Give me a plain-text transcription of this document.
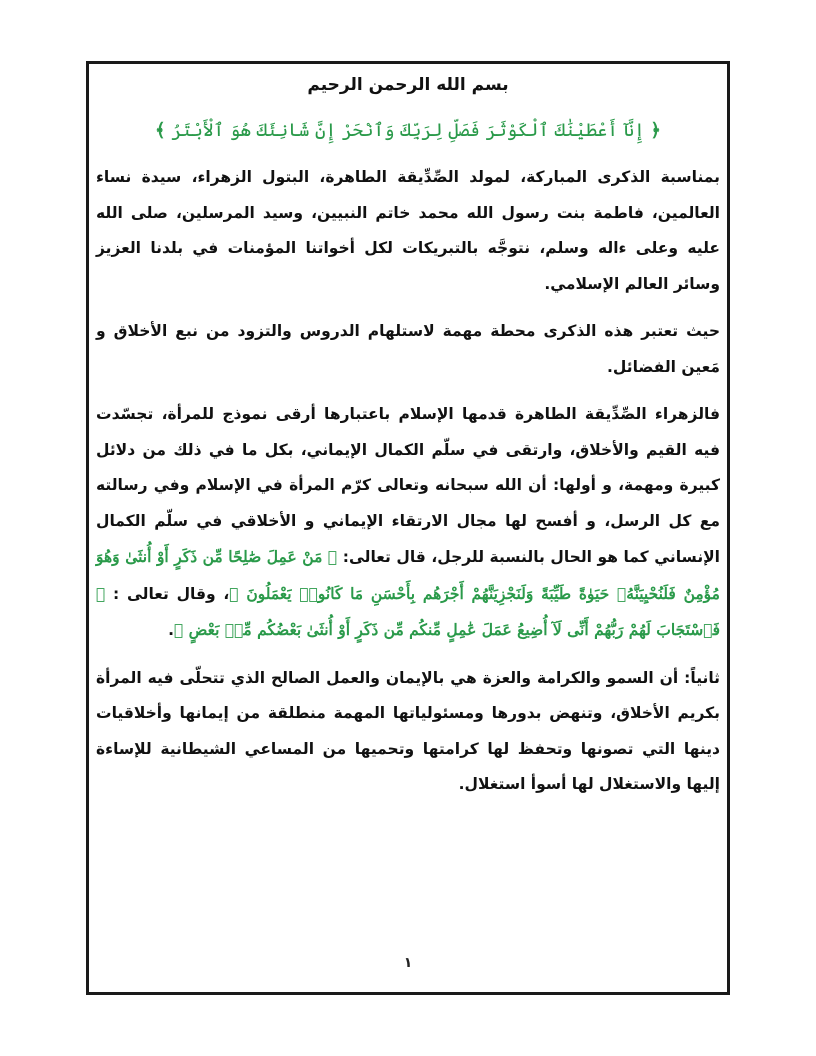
بسم الله الرحمن الرحيم
﴿ إِنَّآ أَعْطَيْنَٰكَ ٱلْكَوْثَرَ فَصَلِّ لِرَبِّكَ وَٱنْحَرْ إِنَّ شَانِئَكَ هُوَ ٱلْأَبْتَرُ ﴾

بمناسبة الذكرى المباركة، لمولد الصِّدِّيقة الطاهرة، البتول الزهراء، سيدة نساء العالمين، فاطمة بنت رسول الله محمد خاتم النبيين، وسيد المرسلين، صلى الله عليه وعلى ءاله وسلم، نتوجَّه بالتبريكات لكل أخواتنا المؤمنات في بلدنا العزيز وسائر العالم الإسلامي.

حيث تعتبر هذه الذكرى محطة مهمة لاستلهام الدروس والتزود من نبع الأخلاق و مَعين الفضائل.

فالزهراء الصِّدِّيقة الطاهرة قدمها الإسلام باعتبارها أرقى نموذج للمرأة، تجسّدت فيه القيم والأخلاق، وارتقى في سلّم الكمال الإيماني، بكل ما في ذلك من دلائل كبيرة ومهمة، و أولها: أن الله سبحانه وتعالى كرّم المرأة في الإسلام وفي رسالته مع كل الرسل، و أفسح لها مجال الارتقاء الإيماني و الأخلاقي في سلّم الكمال الإنساني كما هو الحال بالنسبة للرجل، قال تعالى: ﴿ مَنْ عَمِلَ صَٰلِحًا مِّن ذَكَرٍ أَوْ أُنثَىٰ وَهُوَ مُؤْمِنٌ فَلَنُحْيِيَنَّهُۥ حَيَوٰةً طَيِّبَةً وَلَنَجْزِيَنَّهُمْ أَجْرَهُم بِأَحْسَنِ مَا كَانُوا۟ يَعْمَلُونَ ﴾، وقال تعالى : ﴿ فَٱسْتَجَابَ لَهُمْ رَبُّهُمْ أَنِّى لَآ أُضِيعُ عَمَلَ عَٰمِلٍ مِّنكُم مِّن ذَكَرٍ أَوْ أُنثَىٰ بَعْضُكُم مِّنۢ بَعْضٍ ﴾.

ثانياً: أن السمو والكرامة والعزة هي بالإيمان والعمل الصالح الذي تتحلّى فيه المرأة بكريم الأخلاق، وتنهض بدورها ومسئولياتها المهمة منطلقة من إيمانها وأخلاقيات دينها التي تصونها وتحفظ لها كرامتها وتحميها من المساعي الشيطانية للإساءة إليها والاستغلال لها أسوأ استغلال.

١
